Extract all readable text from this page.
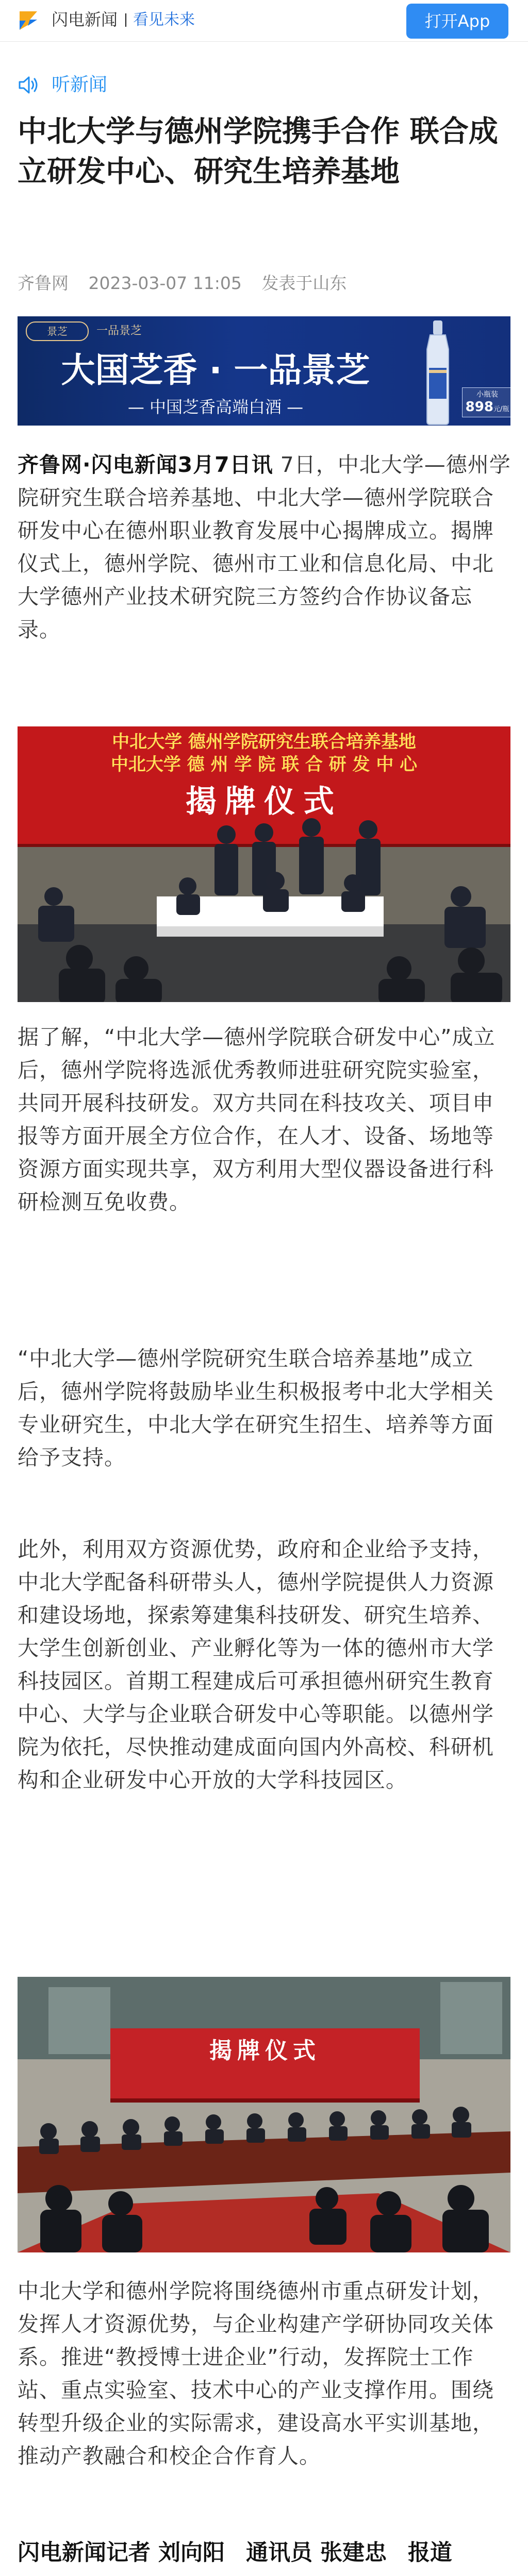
闪电新闻 看见未来	打开App
听新闻
中北大学与德州学院携手合作 联合成立研发中心、研究生培养基地
齐鲁网 2023-03-07 11:05 发表于山东
景芝	一品景芝
大国芝香 · 一品景芝
— 中国芝香高端白酒 —
小瓶装
898元/瓶

齐鲁网·闪电新闻3月7日讯 7日，中北大学—德州学院研究生联合培养基地、中北大学—德州学院联合研发中心在德州职业教育发展中心揭牌成立。揭牌仪式上，德州学院、德州市工业和信息化局、中北大学德州产业技术研究院三方签约合作协议备忘录。

中北大学 德州学院研究生联合培养基地
中北大学 德 州 学 院 联 合 研 发 中 心
揭牌仪式

据了解，“中北大学—德州学院联合研发中心”成立后，德州学院将选派优秀教师进驻研究院实验室，共同开展科技研发。双方共同在科技攻关、项目申报等方面开展全方位合作，在人才、设备、场地等资源方面实现共享，双方利用大型仪器设备进行科研检测互免收费。

“中北大学—德州学院研究生联合培养基地”成立后，德州学院将鼓励毕业生积极报考中北大学相关专业研究生，中北大学在研究生招生、培养等方面给予支持。

此外，利用双方资源优势，政府和企业给予支持，中北大学配备科研带头人，德州学院提供人力资源和建设场地，探索筹建集科技研发、研究生培养、大学生创新创业、产业孵化等为一体的德州市大学科技园区。首期工程建成后可承担德州研究生教育中心、大学与企业联合研发中心等职能。以德州学院为依托，尽快推动建成面向国内外高校、科研机构和企业研发中心开放的大学科技园区。

揭牌仪式

中北大学和德州学院将围绕德州市重点研发计划，发挥人才资源优势，与企业构建产学研协同攻关体系。推进“教授博士进企业”行动，发挥院士工作站、重点实验室、技术中心的产业支撑作用。围绕转型升级企业的实际需求，建设高水平实训基地，推动产教融合和校企合作育人。

闪电新闻记者 刘向阳 通讯员 张建忠 报道
